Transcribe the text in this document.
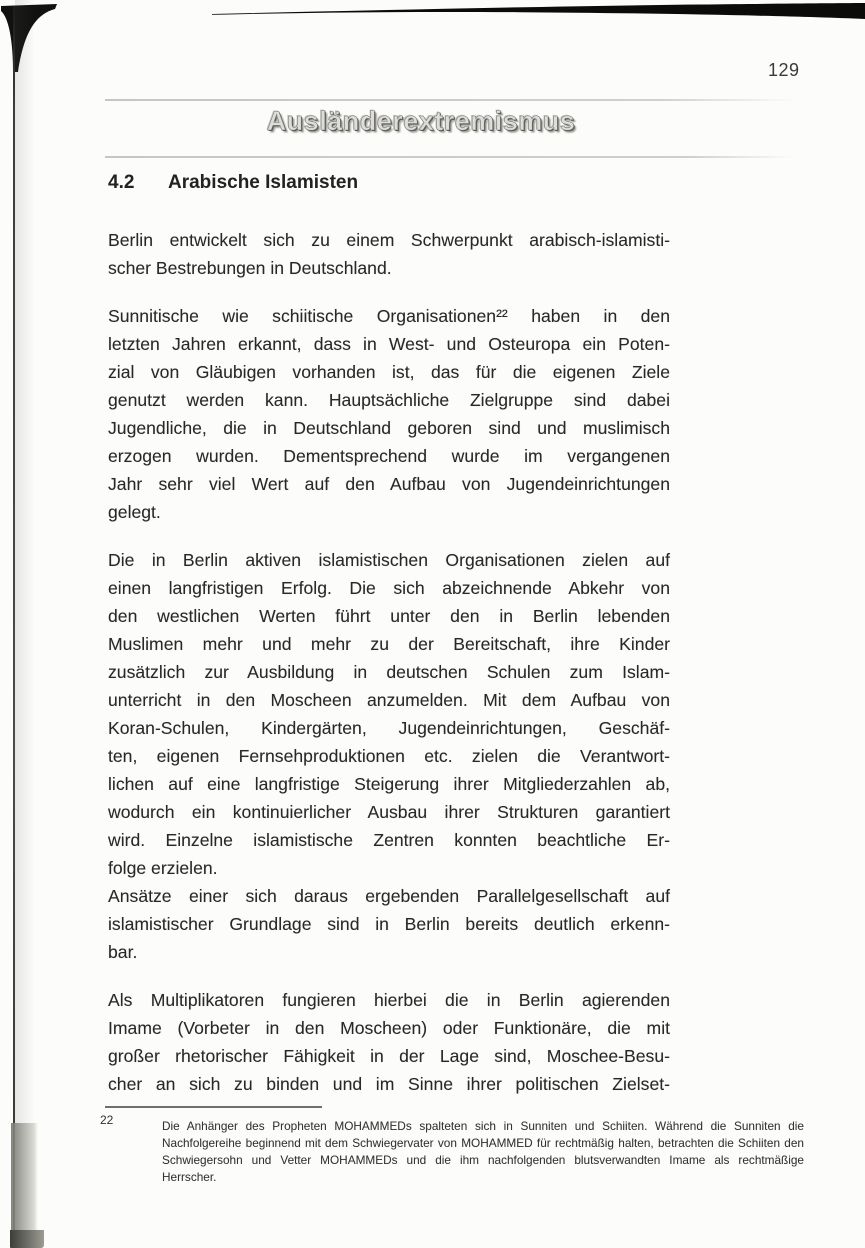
129
Ausländerextremismus
4.2	Arabische Islamisten
Berlin entwickelt sich zu einem Schwerpunkt arabisch-islamisti-
scher Bestrebungen in Deutschland.
Sunnitische wie schiitische Organisationen²² haben in den
letzten Jahren erkannt, dass in West- und Osteuropa ein Poten-
zial von Gläubigen vorhanden ist, das für die eigenen Ziele
genutzt werden kann. Hauptsächliche Zielgruppe sind dabei
Jugendliche, die in Deutschland geboren sind und muslimisch
erzogen wurden. Dementsprechend wurde im vergangenen
Jahr sehr viel Wert auf den Aufbau von Jugendeinrichtungen
gelegt.
Die in Berlin aktiven islamistischen Organisationen zielen auf
einen langfristigen Erfolg. Die sich abzeichnende Abkehr von
den westlichen Werten führt unter den in Berlin lebenden
Muslimen mehr und mehr zu der Bereitschaft, ihre Kinder
zusätzlich zur Ausbildung in deutschen Schulen zum Islam-
unterricht in den Moscheen anzumelden. Mit dem Aufbau von
Koran-Schulen, Kindergärten, Jugendeinrichtungen, Geschäf-
ten, eigenen Fernsehproduktionen etc. zielen die Verantwort-
lichen auf eine langfristige Steigerung ihrer Mitgliederzahlen ab,
wodurch ein kontinuierlicher Ausbau ihrer Strukturen garantiert
wird. Einzelne islamistische Zentren konnten beachtliche Er-
folge erzielen.
Ansätze einer sich daraus ergebenden Parallelgesellschaft auf
islamistischer Grundlage sind in Berlin bereits deutlich erkenn-
bar.
Als Multiplikatoren fungieren hierbei die in Berlin agierenden
Imame (Vorbeter in den Moscheen) oder Funktionäre, die mit
großer rhetorischer Fähigkeit in der Lage sind, Moschee-Besu-
cher an sich zu binden und im Sinne ihrer politischen Zielset-
22	Die Anhänger des Propheten MOHAMMEDs spalteten sich in Sunniten und Schiiten. Während die Sunniten die
Nachfolgereihe beginnend mit dem Schwiegervater von MOHAMMED für rechtmäßig halten, betrachten die Schiiten den
Schwiegersohn und Vetter MOHAMMEDs und die ihm nachfolgenden blutsverwandten Imame als rechtmäßige
Herrscher.
